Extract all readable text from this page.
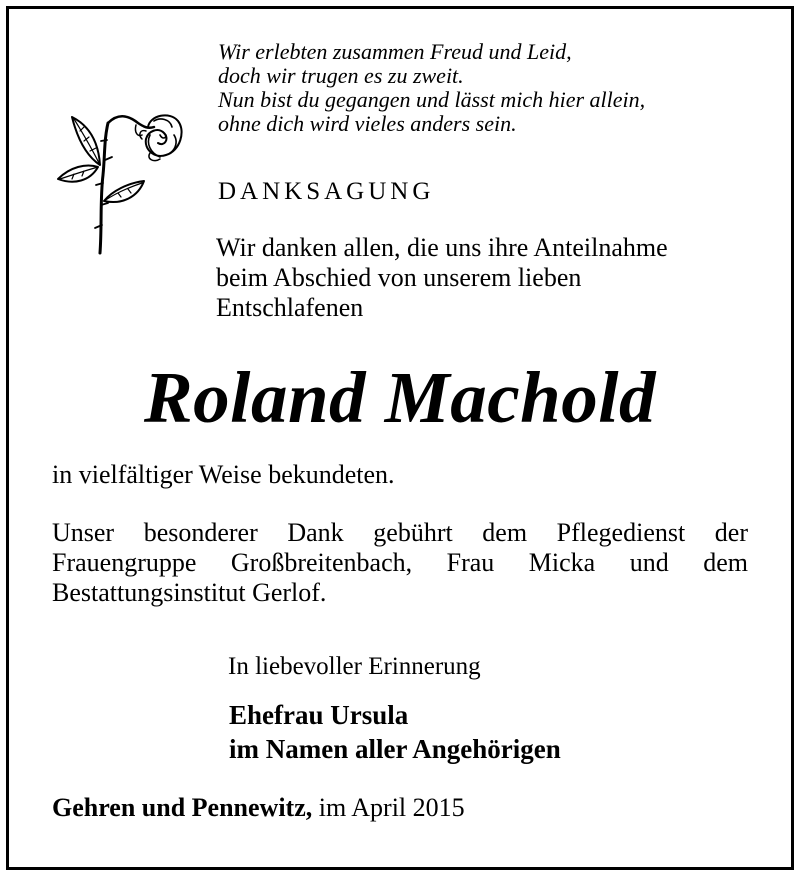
Wir erlebten zusammen Freud und Leid,
doch wir trugen es zu zweit.
Nun bist du gegangen und lässt mich hier allein,
ohne dich wird vieles anders sein.
DANKSAGUNG
Wir danken allen, die uns ihre Anteilnahme
beim Abschied von unserem lieben
Entschlafenen
Roland Machold
in vielfältiger Weise bekundeten.
Unser besonderer Dank gebührt dem Pflegedienst der
Frauengruppe Großbreitenbach, Frau Micka und dem
Bestattungsinstitut Gerlof.
In liebevoller Erinnerung
Ehefrau Ursula
im Namen aller Angehörigen
Gehren und Pennewitz, im April 2015
